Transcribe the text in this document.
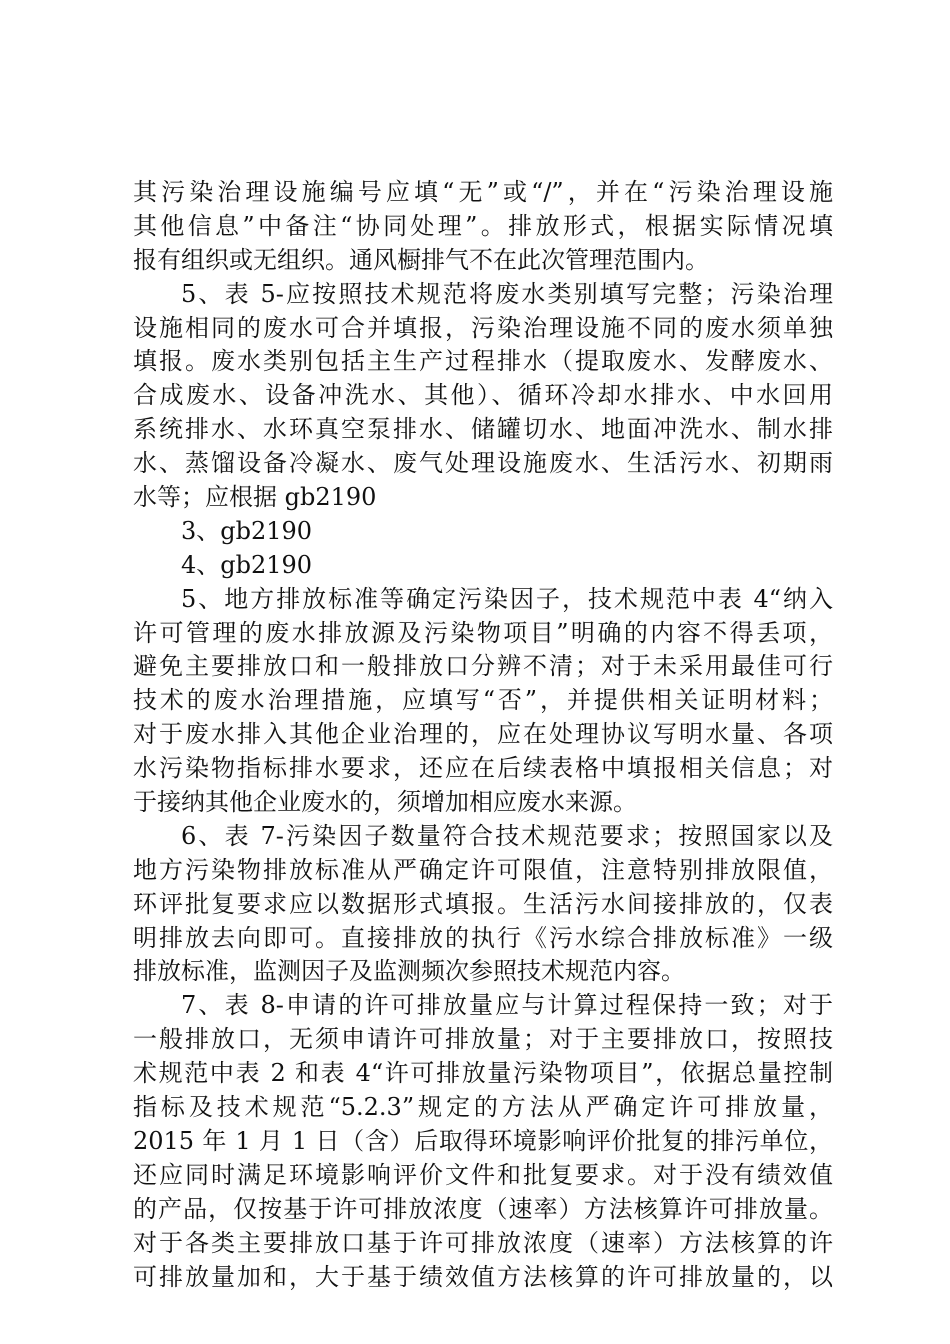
其污染治理设施编号应填“无”或“/”，并在“污染治理设施
其他信息”中备注“协同处理”。排放形式，根据实际情况填
报有组织或无组织。通风橱排气不在此次管理范围内。
5、表 5-应按照技术规范将废水类别填写完整；污染治理
设施相同的废水可合并填报，污染治理设施不同的废水须单独
填报。废水类别包括主生产过程排水（提取废水、发酵废水、
合成废水、设备冲洗水、其他）、循环冷却水排水、中水回用
系统排水、水环真空泵排水、储罐切水、地面冲洗水、制水排
水、蒸馏设备冷凝水、废气处理设施废水、生活污水、初期雨
水等；应根据 gb2190
3、gb2190
4、gb2190
5、地方排放标准等确定污染因子，技术规范中表 4“纳入
许可管理的废水排放源及污染物项目”明确的内容不得丢项，
避免主要排放口和一般排放口分辨不清；对于未采用最佳可行
技术的废水治理措施，应填写“否”，并提供相关证明材料；
对于废水排入其他企业治理的，应在处理协议写明水量、各项
水污染物指标排水要求，还应在后续表格中填报相关信息；对
于接纳其他企业废水的，须增加相应废水来源。
6、表 7-污染因子数量符合技术规范要求；按照国家以及
地方污染物排放标准从严确定许可限值，注意特别排放限值，
环评批复要求应以数据形式填报。生活污水间接排放的，仅表
明排放去向即可。直接排放的执行《污水综合排放标准》一级
排放标准，监测因子及监测频次参照技术规范内容。
7、表 8-申请的许可排放量应与计算过程保持一致；对于
一般排放口，无须申请许可排放量；对于主要排放口，按照技
术规范中表 2 和表 4“许可排放量污染物项目”，依据总量控制
指标及技术规范“5.2.3”规定的方法从严确定许可排放量，
2015 年 1 月 1 日（含）后取得环境影响评价批复的排污单位，
还应同时满足环境影响评价文件和批复要求。对于没有绩效值
的产品，仅按基于许可排放浓度（速率）方法核算许可排放量。
对于各类主要排放口基于许可排放浓度（速率）方法核算的许
可排放量加和，大于基于绩效值方法核算的许可排放量的，以
